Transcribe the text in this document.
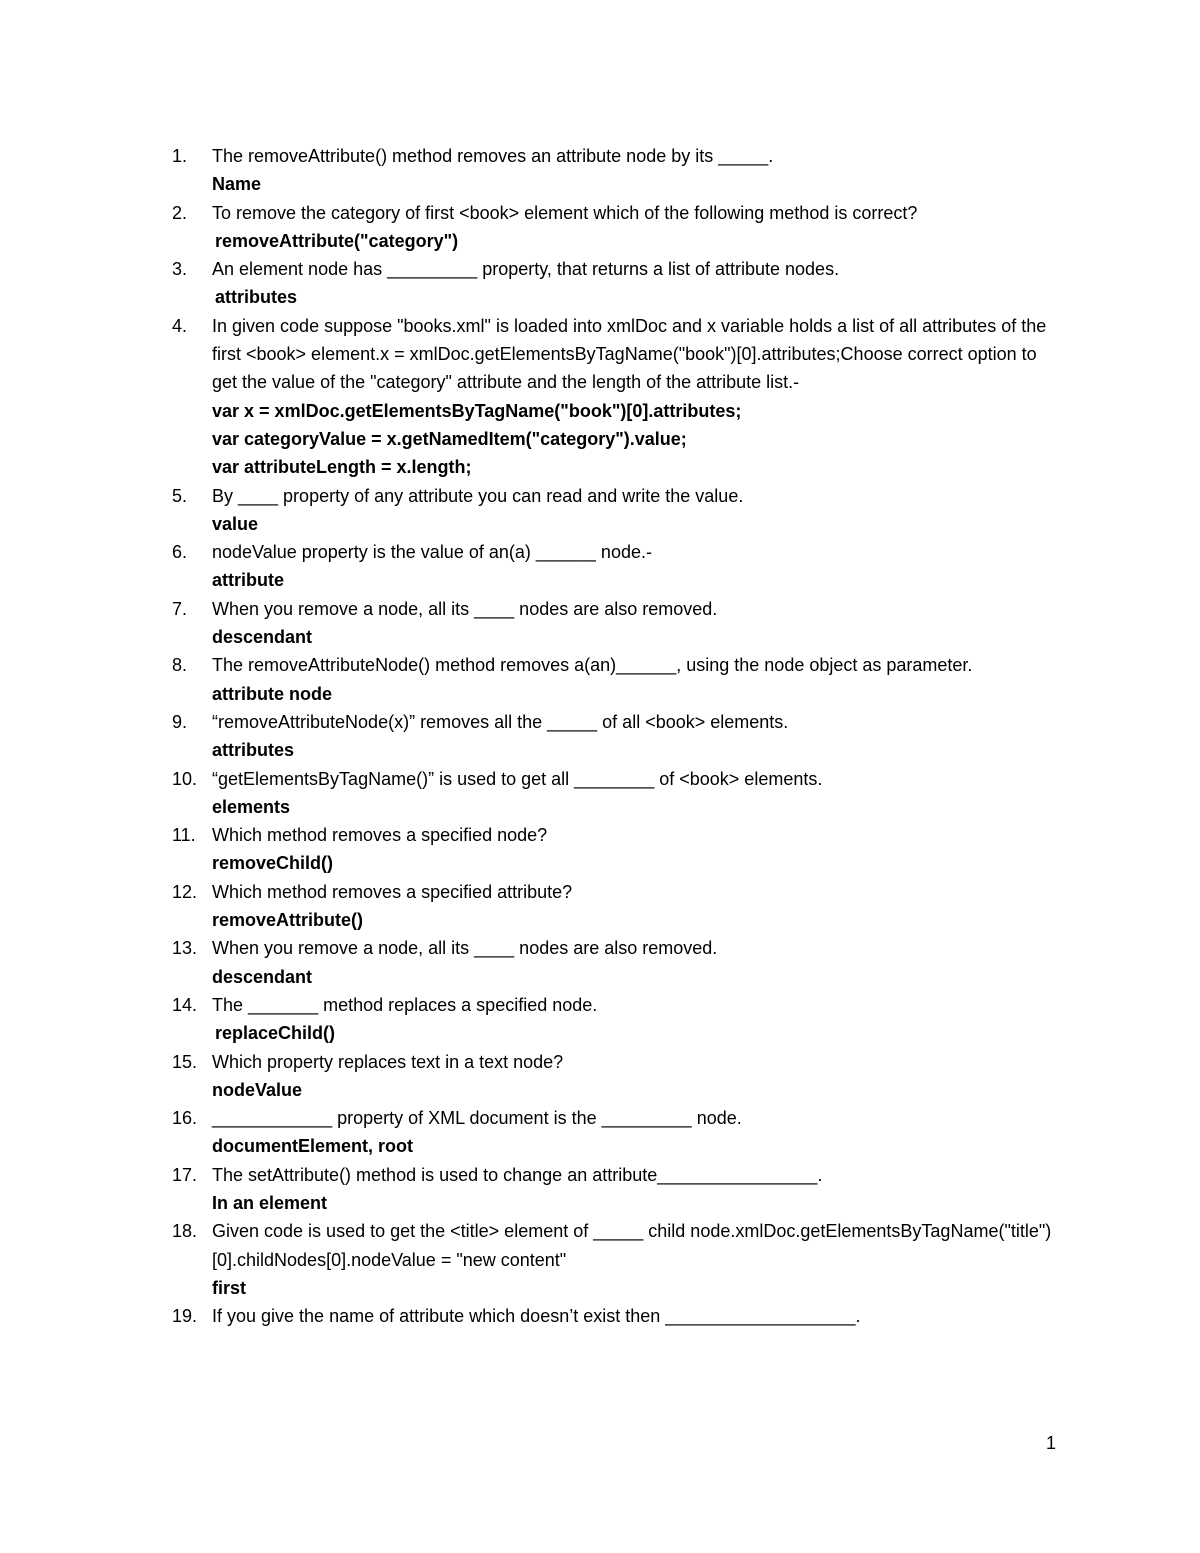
1.	The removeAttribute() method removes an attribute node by its _____.
Name
2.	To remove the category of first <book> element which of the following method is correct?
removeAttribute("category")
3.	An element node has _________ property, that returns a list of attribute nodes.
attributes
4.	In given code suppose "books.xml" is loaded into xmlDoc and x variable holds a list of all attributes of the first <book> element.x = xmlDoc.getElementsByTagName("book")[0].attributes;Choose correct option to get the value of the "category" attribute and the length of the attribute list.-
var x = xmlDoc.getElementsByTagName("book")[0].attributes;
var categoryValue = x.getNamedItem("category").value;
var attributeLength = x.length;
5.	By ____ property of any attribute you can read and write the value.
value
6.	nodeValue property is the value of an(a) ______ node.-
attribute
7.	When you remove a node, all its ____ nodes are also removed.
descendant
8.	The removeAttributeNode() method removes a(an)______, using the node object as parameter.
attribute node
9.	“removeAttributeNode(x)” removes all the _____ of all <book> elements.
attributes
10. “getElementsByTagName()” is used to get all ________ of <book> elements.
elements
11. Which method removes a specified node?
removeChild()
12. Which method removes a specified attribute?
removeAttribute()
13. When you remove a node, all its ____ nodes are also removed.
descendant
14. The _______ method replaces a specified node.
replaceChild()
15. Which property replaces text in a text node?
nodeValue
16. ____________ property of XML document is the _________ node.
documentElement, root
17. The setAttribute() method is used to change an attribute________________.
In an element
18. Given code is used to get the <title> element of _____ child node.xmlDoc.getElementsByTagName("title")[0].childNodes[0].nodeValue = "new content"
first
19. If you give the name of attribute which doesn’t exist then ___________________.
1
